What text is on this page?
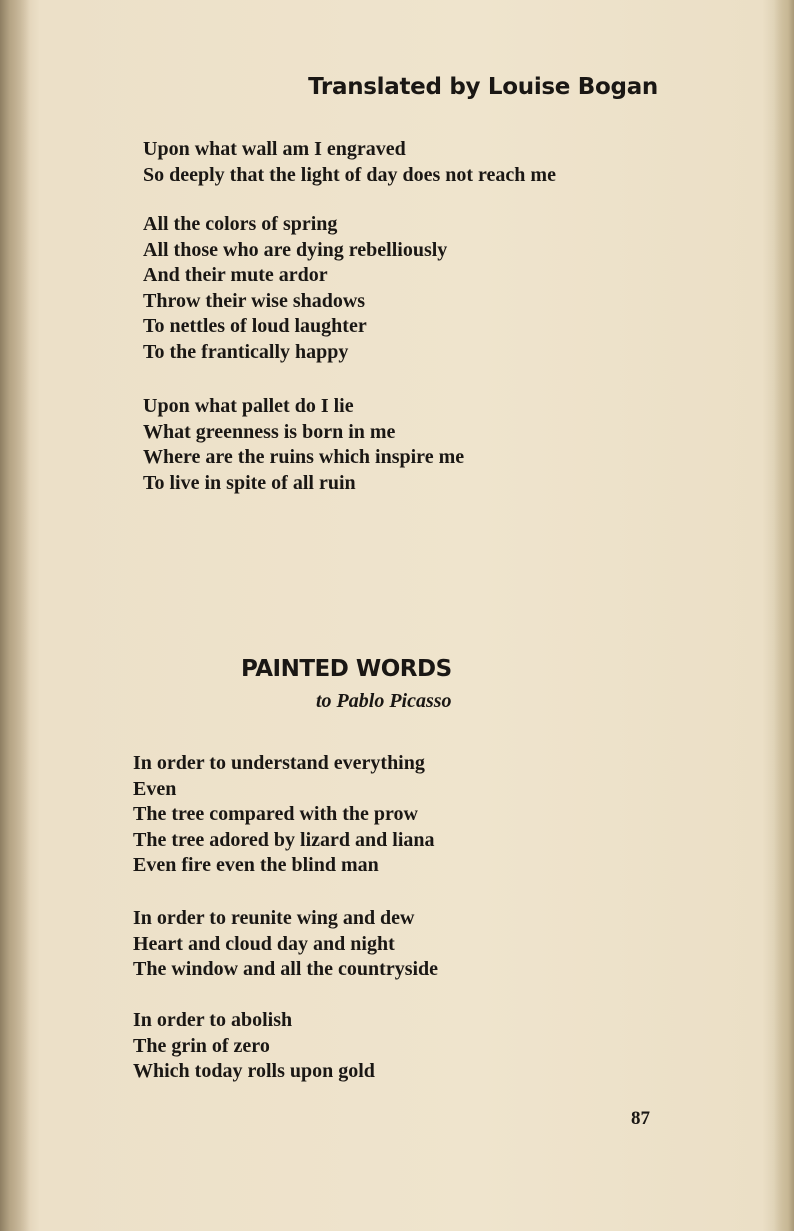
Translated by Louise Bogan
Upon what wall am I engraved
So deeply that the light of day does not reach me
All the colors of spring
All those who are dying rebelliously
And their mute ardor
Throw their wise shadows
To nettles of loud laughter
To the frantically happy
Upon what pallet do I lie
What greenness is born in me
Where are the ruins which inspire me
To live in spite of all ruin
PAINTED WORDS
to Pablo Picasso
In order to understand everything
Even
The tree compared with the prow
The tree adored by lizard and liana
Even fire even the blind man
In order to reunite wing and dew
Heart and cloud day and night
The window and all the countryside
In order to abolish
The grin of zero
Which today rolls upon gold
87
